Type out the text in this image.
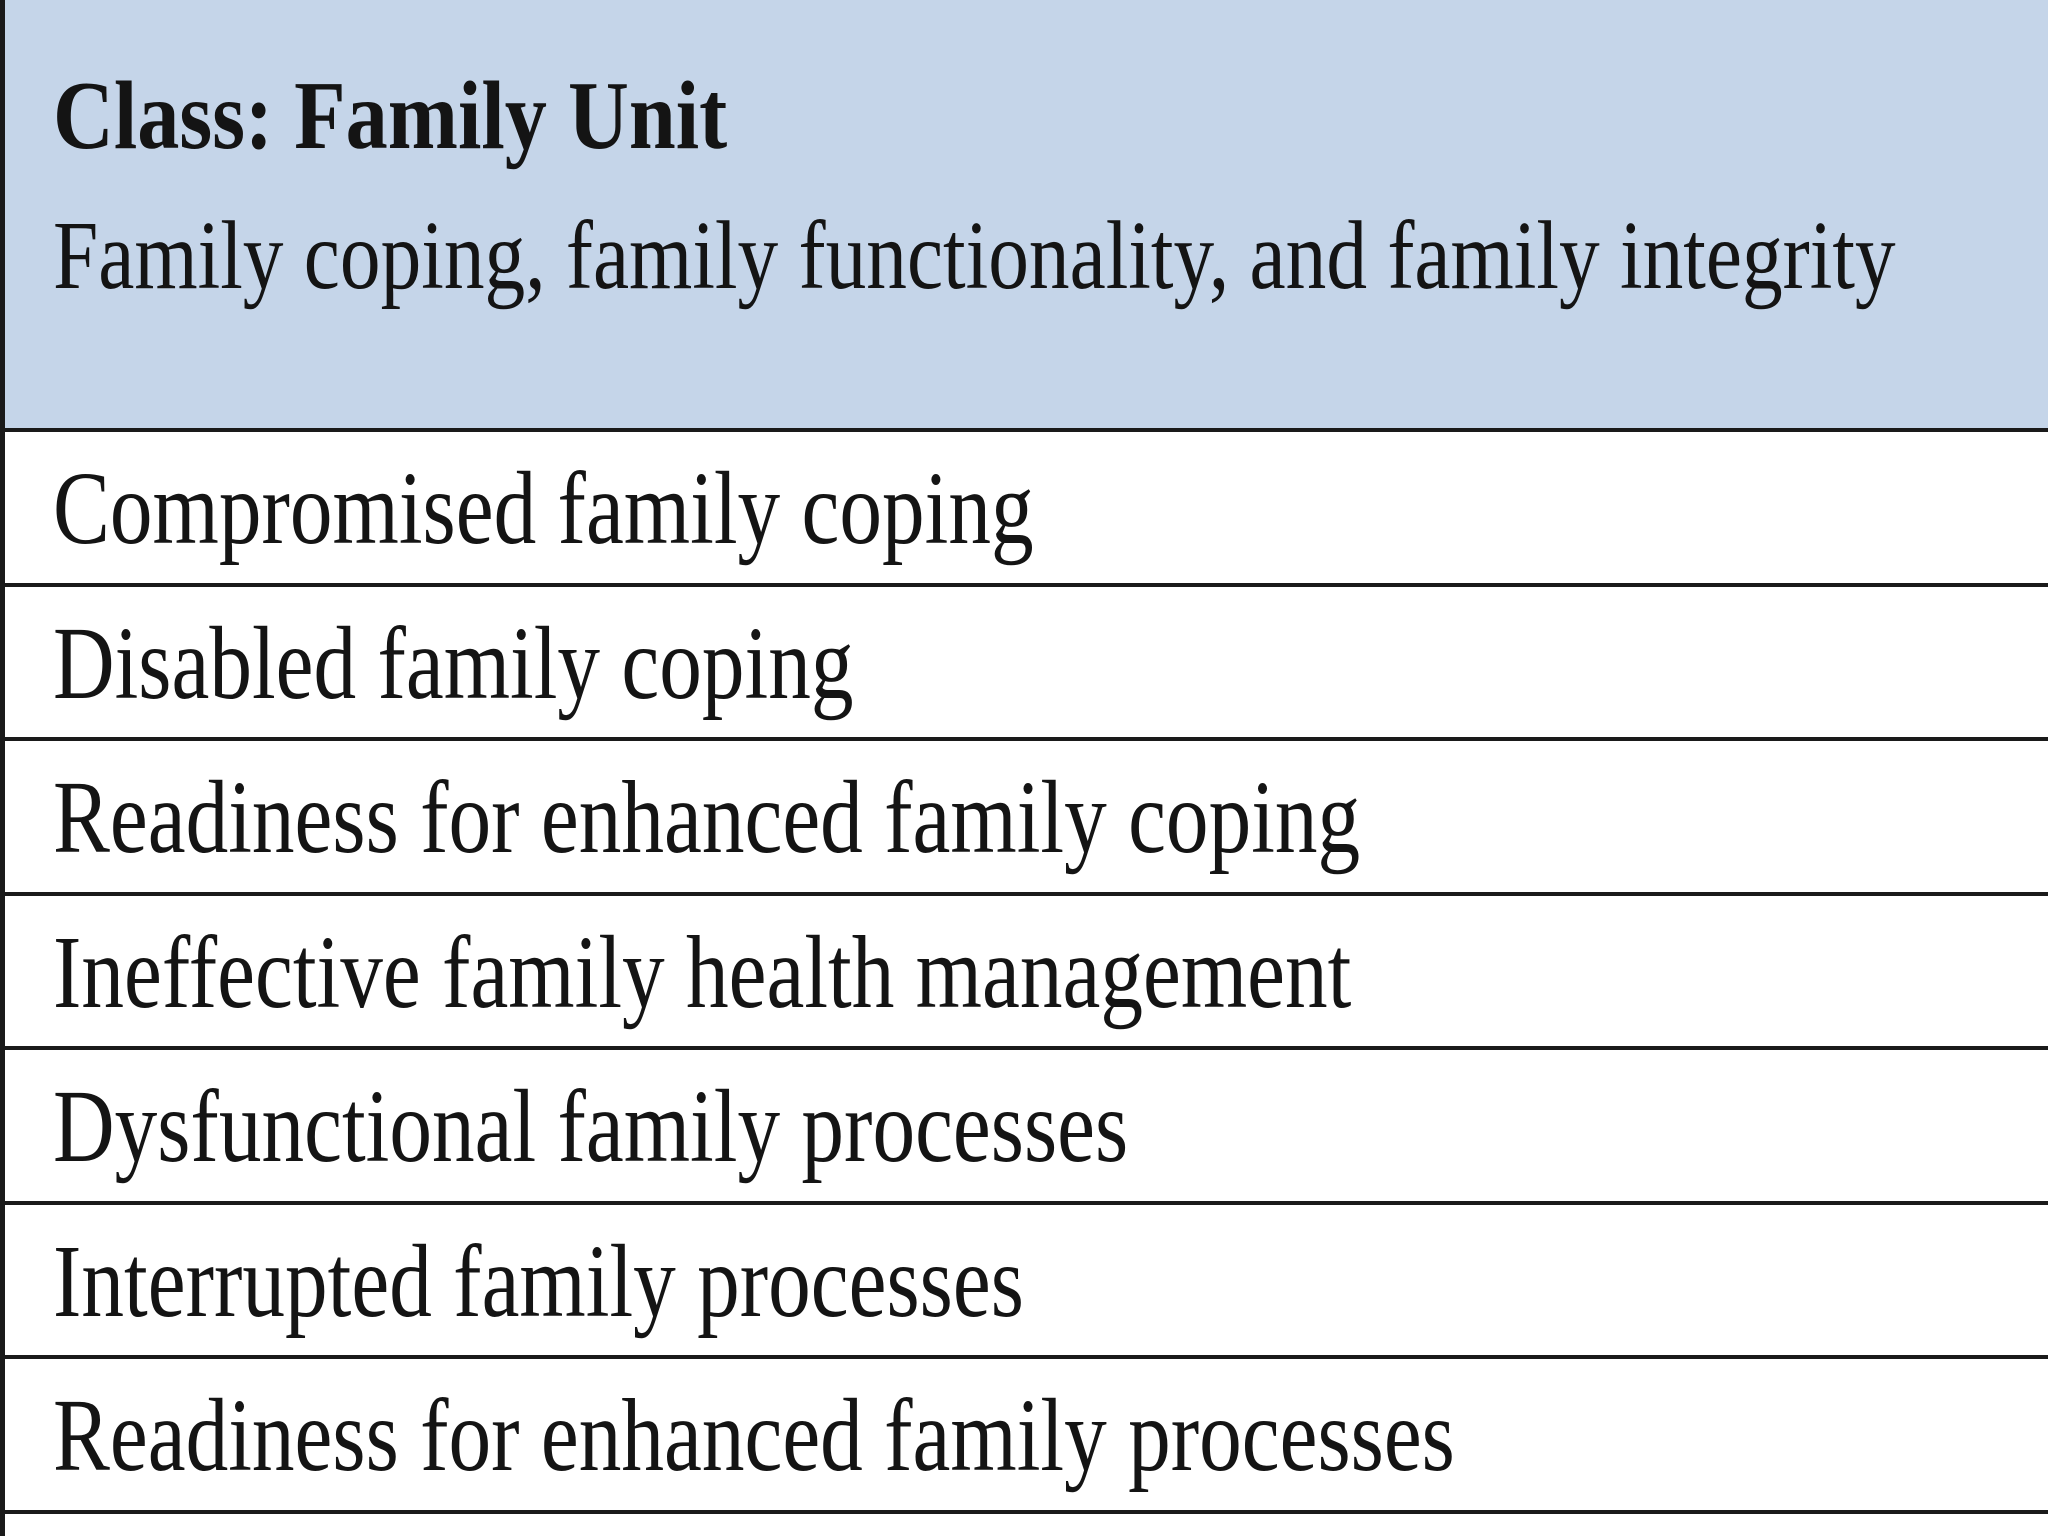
Class: Family Unit
Family coping, family functionality, and family integrity
Compromised family coping
Disabled family coping
Readiness for enhanced family coping
Ineffective family health management
Dysfunctional family processes
Interrupted family processes
Readiness for enhanced family processes
